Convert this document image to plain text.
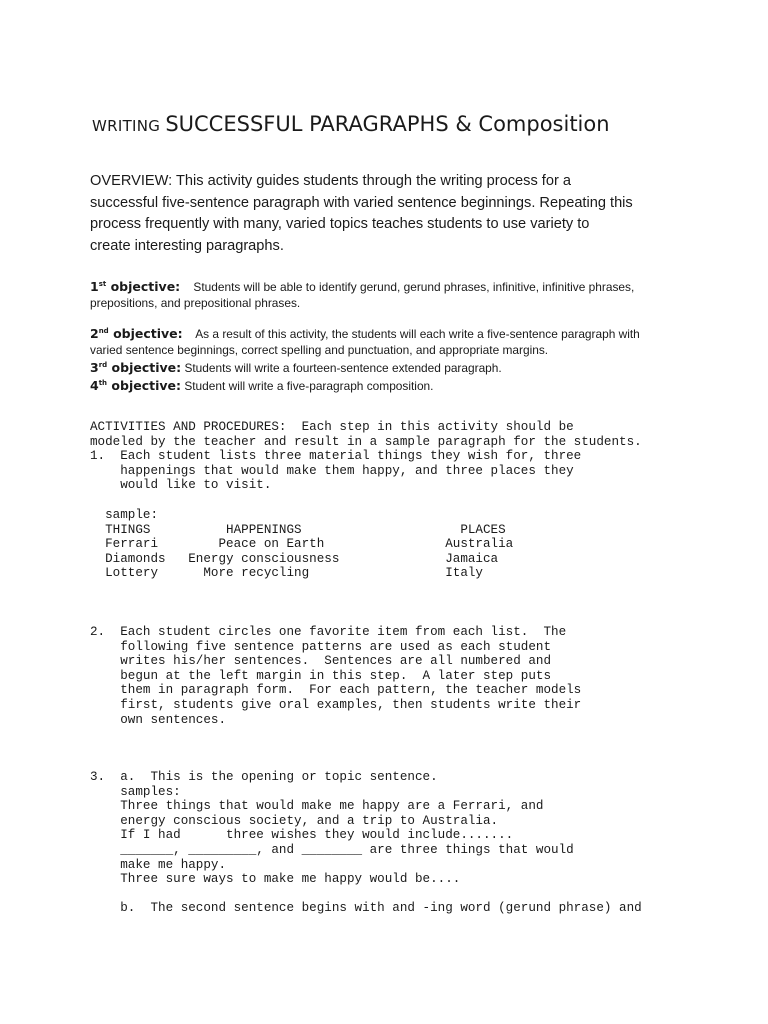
WRITING SUCCESSFUL PARAGRAPHS & Composition
OVERVIEW: This activity guides students through the writing process for a
successful five-sentence paragraph with varied sentence beginnings. Repeating this
process frequently with many, varied topics teaches students to use variety to
create interesting paragraphs.
1st objective: Students will be able to identify gerund, gerund phrases, infinitive, infinitive phrases,
prepositions, and prepositional phrases.
2nd objective: As a result of this activity, the students will each write a five-sentence paragraph with
varied sentence beginnings, correct spelling and punctuation, and appropriate margins.
3rd objective: Students will write a fourteen-sentence extended paragraph.
4th objective: Student will write a five-paragraph composition.
ACTIVITIES AND PROCEDURES:  Each step in this activity should be
modeled by the teacher and result in a sample paragraph for the students.
1.  Each student lists three material things they wish for, three
happenings that would make them happy, and three places they
would like to visit.
sample:
THINGS          HAPPENINGS                     PLACES
Ferrari        Peace on Earth                Australia
Diamonds   Energy consciousness              Jamaica
Lottery      More recycling                  Italy
2.  Each student circles one favorite item from each list.  The
following five sentence patterns are used as each student
writes his/her sentences.  Sentences are all numbered and
begun at the left margin in this step.  A later step puts
them in paragraph form.  For each pattern, the teacher models
first, students give oral examples, then students write their
own sentences.
3.  a.  This is the opening or topic sentence.
samples:
Three things that would make me happy are a Ferrari, and
energy conscious society, and a trip to Australia.
If I had      three wishes they would include.......
_______, _________, and ________ are three things that would
make me happy.
Three sure ways to make me happy would be....
b.  The second sentence begins with and -ing word (gerund phrase) and
